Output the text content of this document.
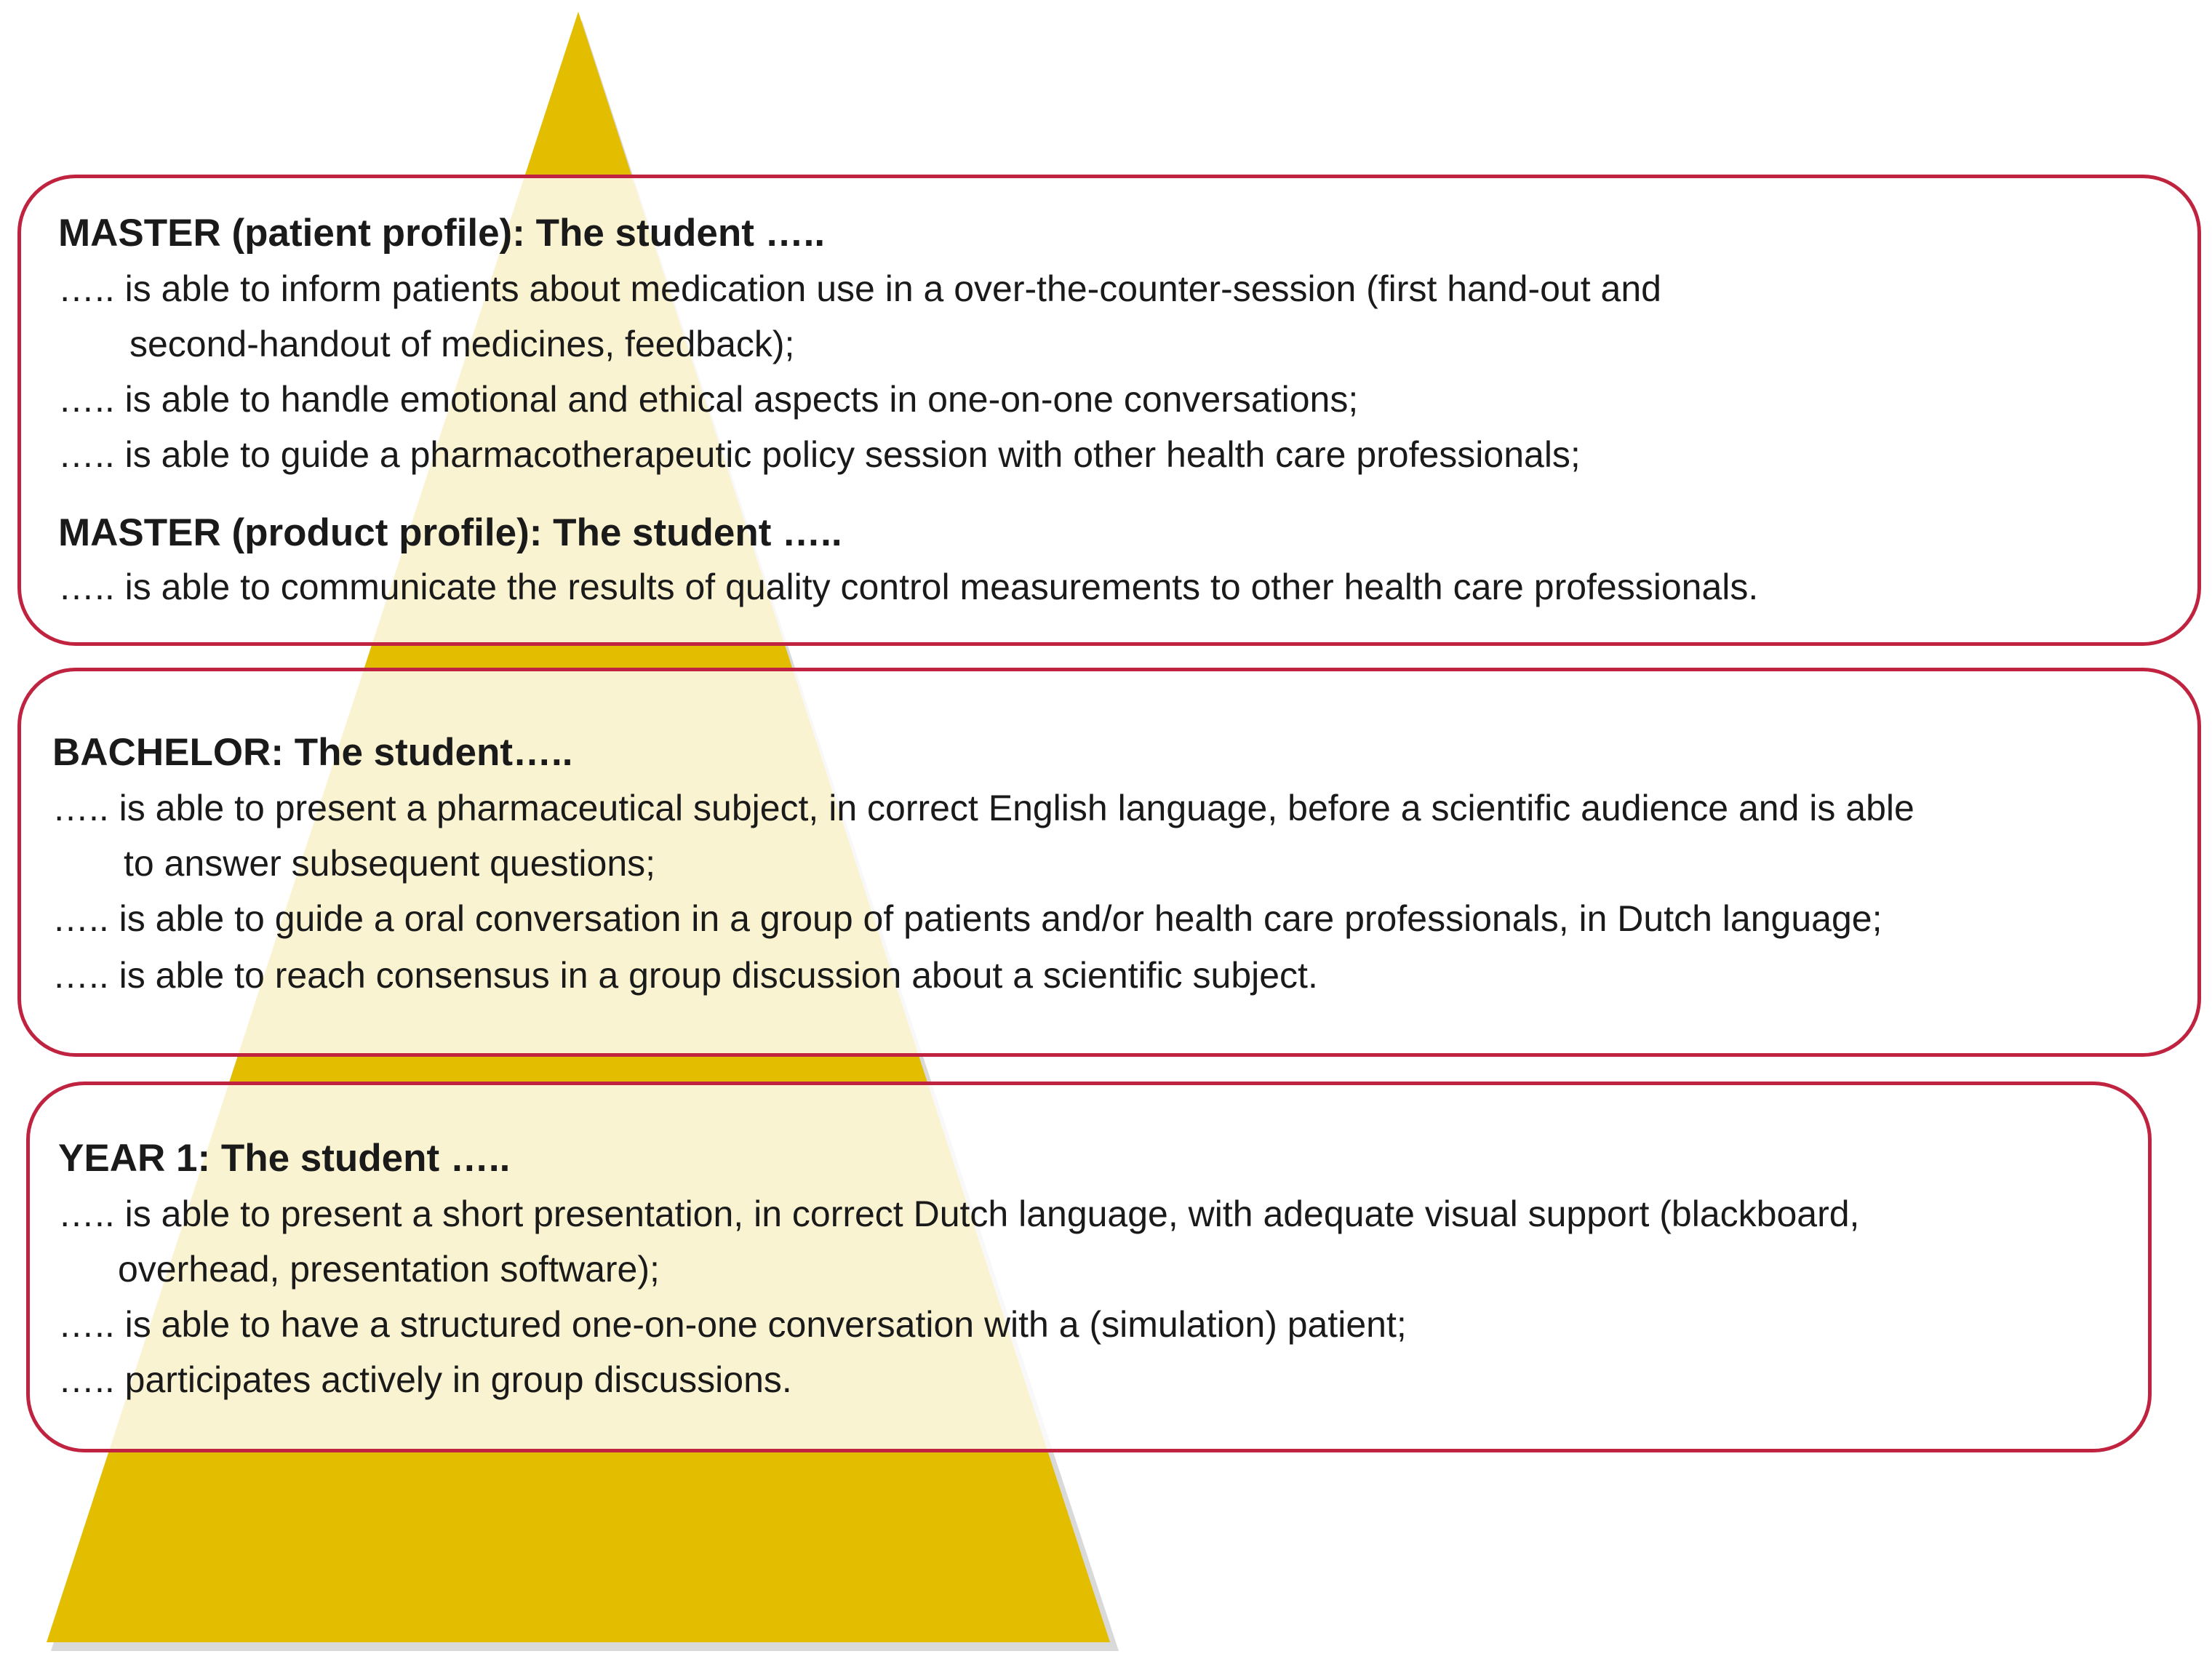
MASTER (patient profile): The student …..
….. is able to inform patients about medication use in a over-the-counter-session (first hand-out and
second-handout of medicines, feedback);
….. is able to handle emotional and ethical aspects in one-on-one conversations;
….. is able to guide a pharmacotherapeutic policy session with other health care professionals;
MASTER (product profile): The student …..
….. is able to communicate the results of quality control measurements to other health care professionals.
BACHELOR: The student…..
….. is able to present a pharmaceutical subject, in correct English language, before a scientific audience and is able
to answer subsequent questions;
….. is able to guide a oral conversation in a group of patients and/or health care professionals, in Dutch language;
….. is able to reach consensus in a group discussion about a scientific subject.
YEAR 1: The student …..
….. is able to present a short presentation, in correct Dutch language, with adequate visual support (blackboard,
overhead, presentation software);
….. is able to have a structured one-on-one conversation with a (simulation) patient;
….. participates actively in group discussions.
